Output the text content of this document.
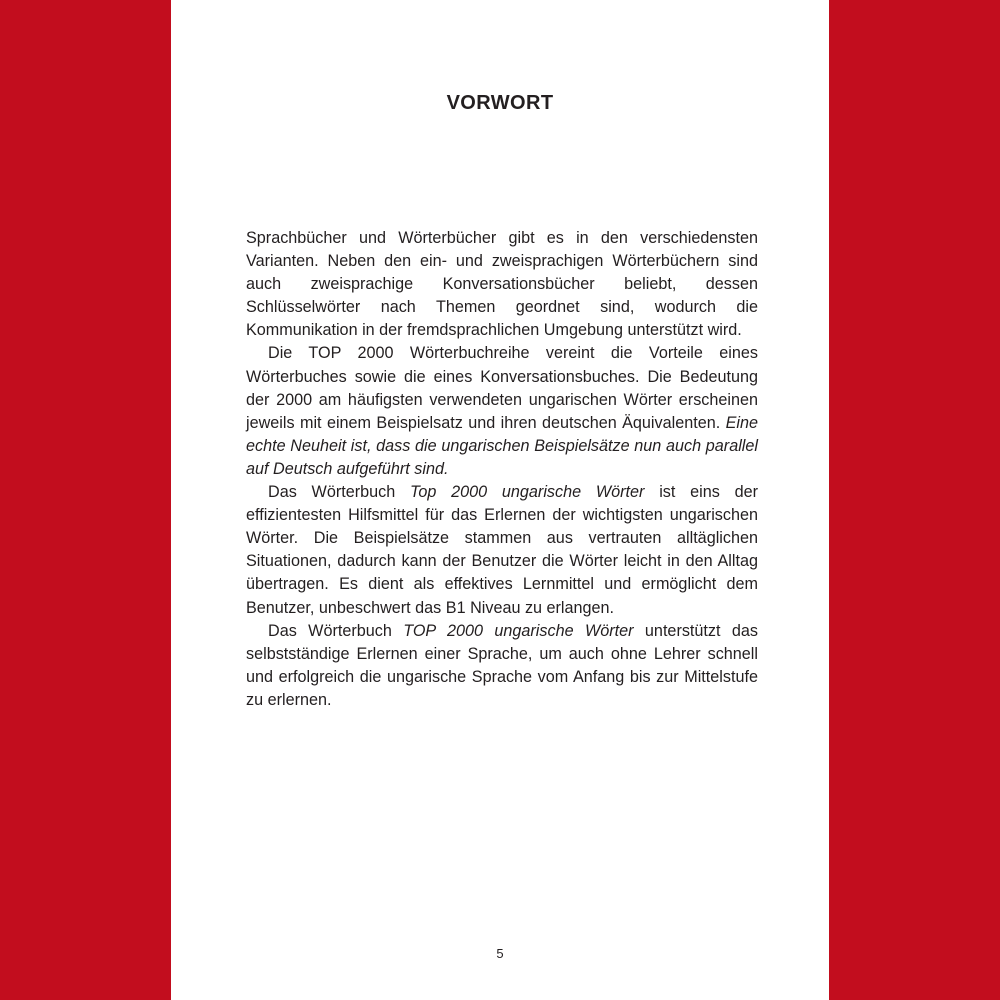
VORWORT

Sprachbücher und Wörterbücher gibt es in den verschiedensten Varianten. Neben den ein- und zweisprachigen Wörterbüchern sind auch zweisprachige Konversationsbücher beliebt, dessen Schlüsselwörter nach Themen geordnet sind, wodurch die Kommunikation in der fremdsprachlichen Umgebung unterstützt wird.

Die TOP 2000 Wörterbuchreihe vereint die Vorteile eines Wörterbuches sowie die eines Konversationsbuches. Die Bedeutung der 2000 am häufigsten verwendeten ungarischen Wörter erscheinen jeweils mit einem Beispielsatz und ihren deutschen Äquivalenten. Eine echte Neuheit ist, dass die ungarischen Beispielsätze nun auch parallel auf Deutsch aufgeführt sind.

Das Wörterbuch Top 2000 ungarische Wörter ist eins der effizientesten Hilfsmittel für das Erlernen der wichtigsten ungarischen Wörter. Die Beispielsätze stammen aus vertrauten alltäglichen Situationen, dadurch kann der Benutzer die Wörter leicht in den Alltag übertragen. Es dient als effektives Lernmittel und ermöglicht dem Benutzer, unbeschwert das B1 Niveau zu erlangen.

Das Wörterbuch TOP 2000 ungarische Wörter unterstützt das selbstständige Erlernen einer Sprache, um auch ohne Lehrer schnell und erfolgreich die ungarische Sprache vom Anfang bis zur Mittelstufe zu erlernen.

5
